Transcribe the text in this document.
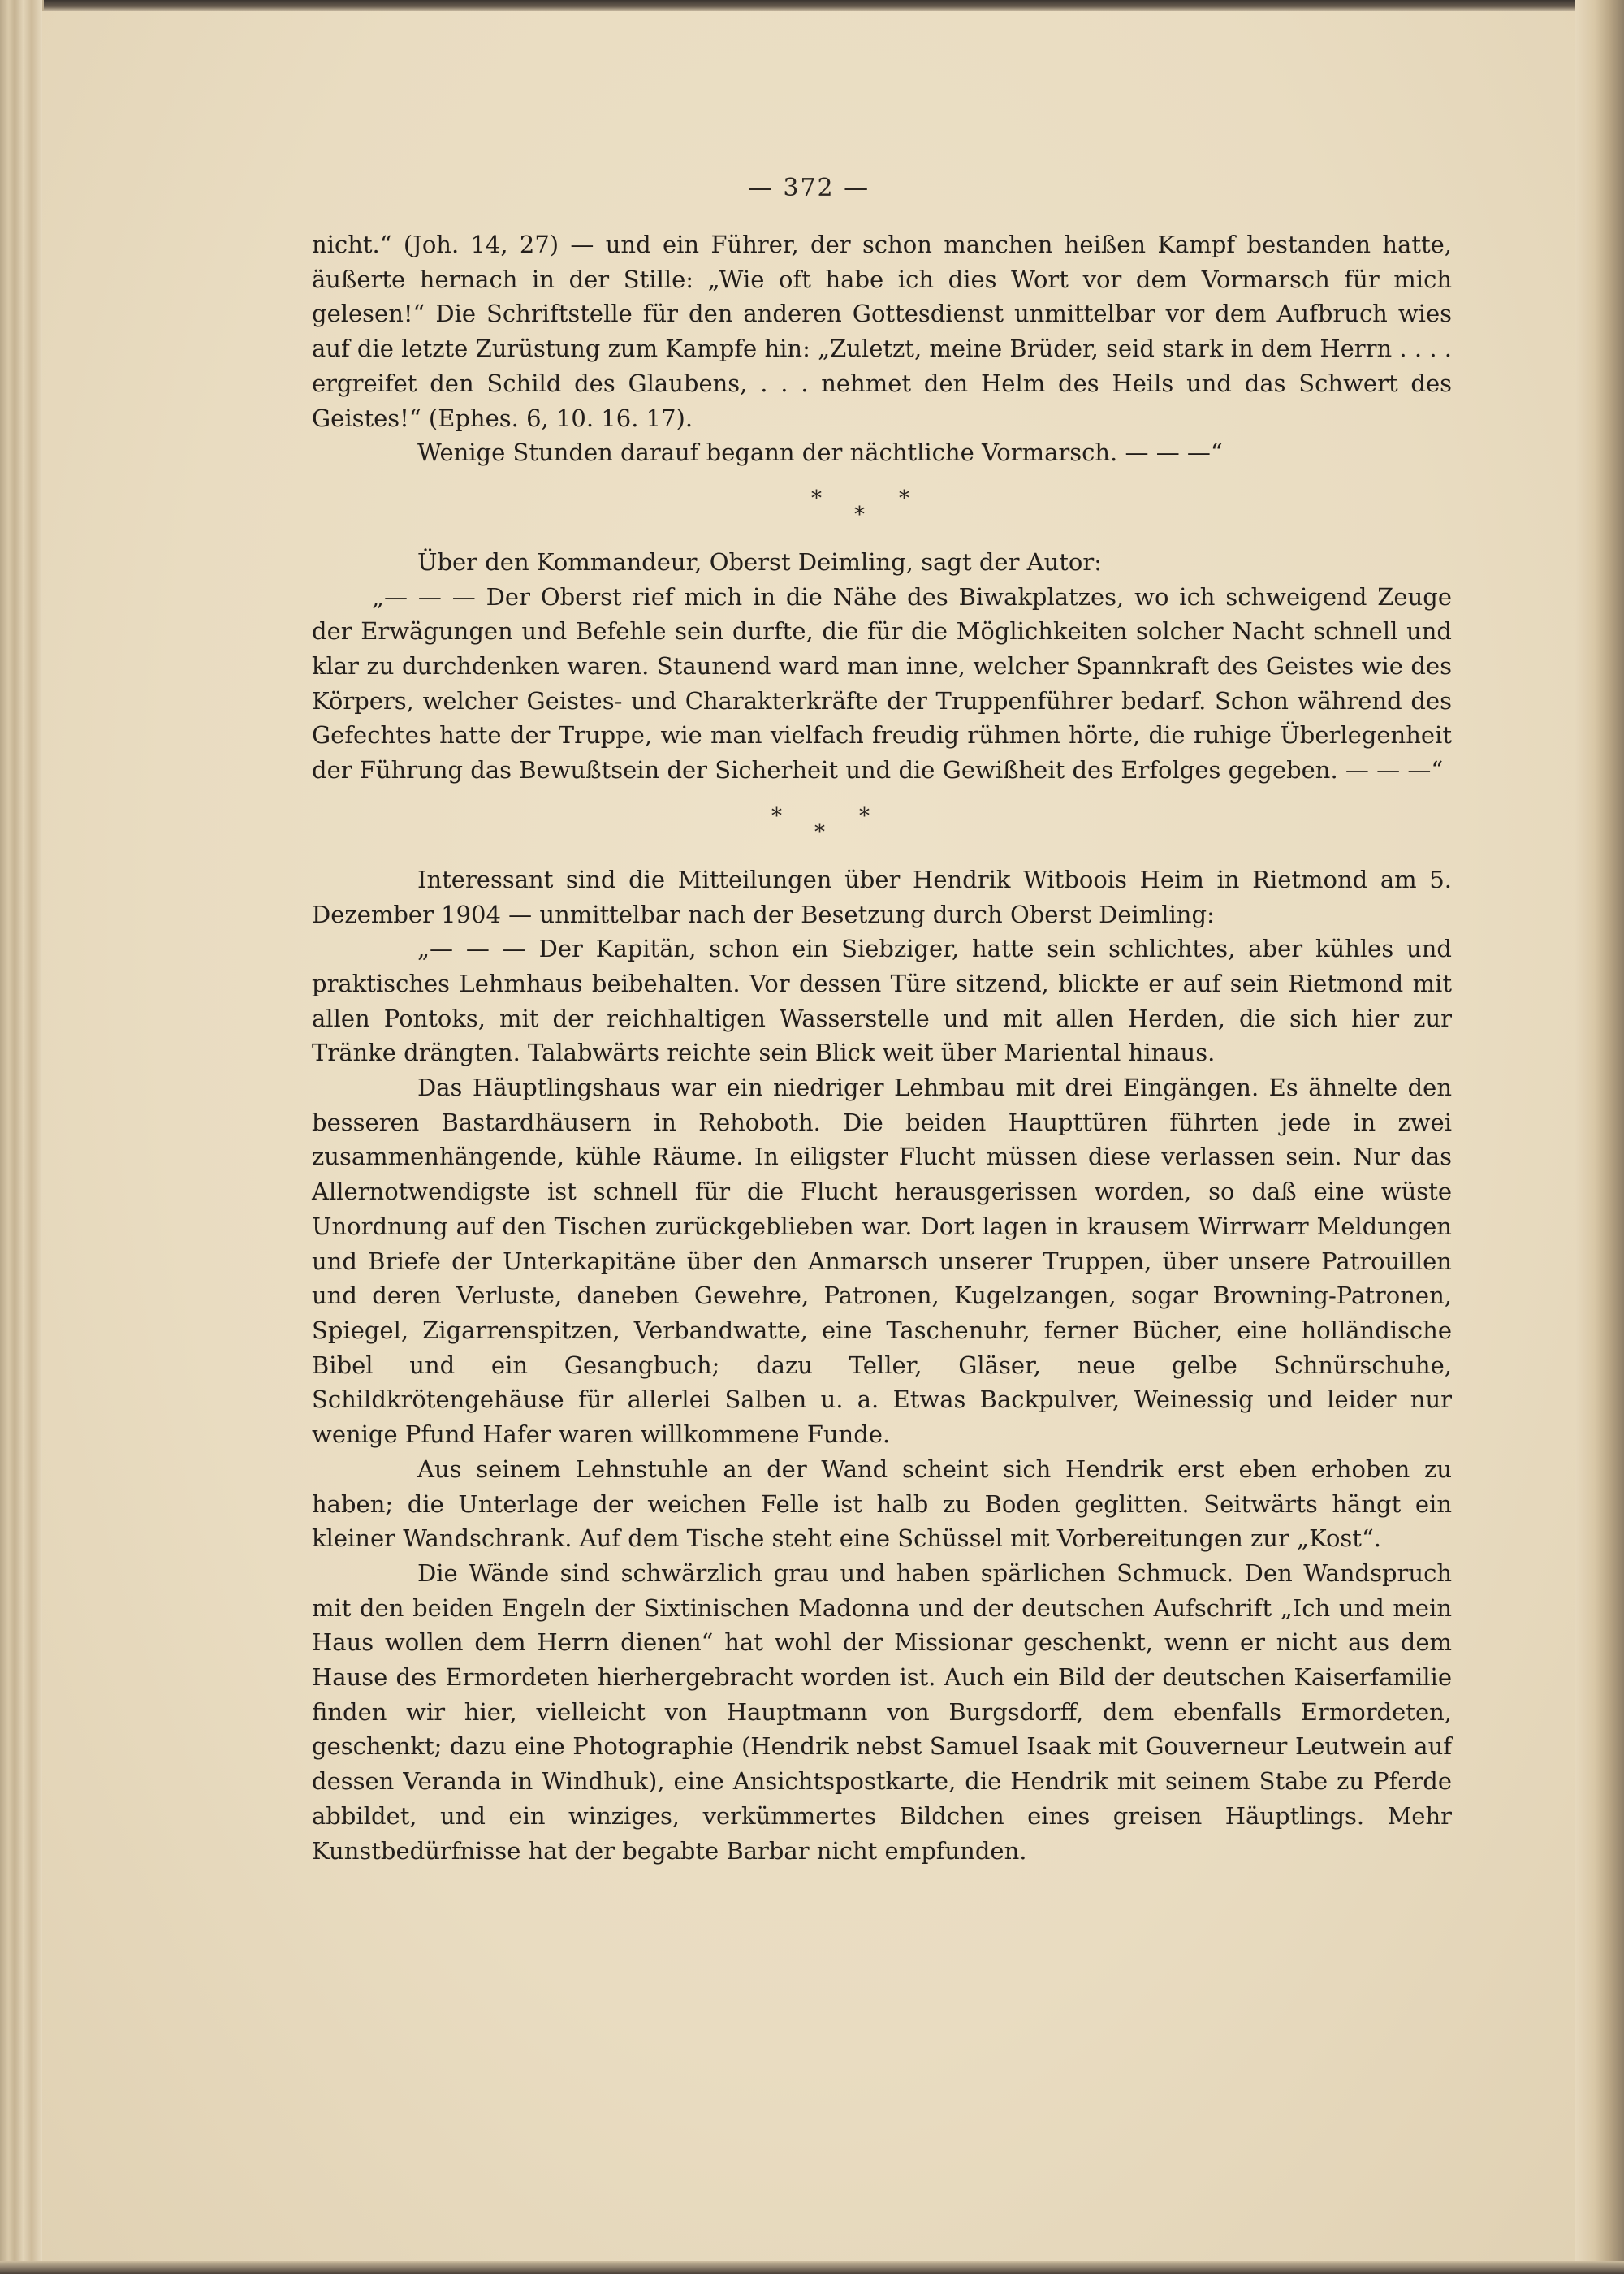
— 372 —

nicht.“ (Joh. 14, 27) — und ein Führer, der schon manchen heißen Kampf bestanden hatte, äußerte hernach in der Stille: „Wie oft habe ich dies Wort vor dem Vormarsch für mich gelesen!“ Die Schriftstelle für den anderen Gottesdienst unmittelbar vor dem Aufbruch wies auf die letzte Zurüstung zum Kampfe hin: „Zuletzt, meine Brüder, seid stark in dem Herrn . . . . ergreifet den Schild des Glaubens, . . . nehmet den Helm des Heils und das Schwert des Geistes!“ (Ephes. 6, 10. 16. 17).

Wenige Stunden darauf begann der nächtliche Vormarsch. — — —“

*
*
*

Über den Kommandeur, Oberst Deimling, sagt der Autor:

„— — — Der Oberst rief mich in die Nähe des Biwakplatzes, wo ich schweigend Zeuge der Erwägungen und Befehle sein durfte, die für die Möglichkeiten solcher Nacht schnell und klar zu durchdenken waren. Staunend ward man inne, welcher Spannkraft des Geistes wie des Körpers, welcher Geistes- und Charakterkräfte der Truppenführer bedarf. Schon während des Gefechtes hatte der Truppe, wie man vielfach freudig rühmen hörte, die ruhige Überlegenheit der Führung das Bewußtsein der Sicherheit und die Gewißheit des Erfolges gegeben. — — —“

*
*
*

Interessant sind die Mitteilungen über Hendrik Witboois Heim in Rietmond am 5. Dezember 1904 — unmittelbar nach der Besetzung durch Oberst Deimling:

„— — — Der Kapitän, schon ein Siebziger, hatte sein schlichtes, aber kühles und praktisches Lehmhaus beibehalten. Vor dessen Türe sitzend, blickte er auf sein Rietmond mit allen Pontoks, mit der reichhaltigen Wasserstelle und mit allen Herden, die sich hier zur Tränke drängten. Talabwärts reichte sein Blick weit über Mariental hinaus.

Das Häuptlingshaus war ein niedriger Lehmbau mit drei Eingängen. Es ähnelte den besseren Bastardhäusern in Rehoboth. Die beiden Haupttüren führten jede in zwei zusammenhängende, kühle Räume. In eiligster Flucht müssen diese verlassen sein. Nur das Allernotwendigste ist schnell für die Flucht herausgerissen worden, so daß eine wüste Unordnung auf den Tischen zurückgeblieben war. Dort lagen in krausem Wirrwarr Meldungen und Briefe der Unterkapitäne über den Anmarsch unserer Truppen, über unsere Patrouillen und deren Verluste, daneben Gewehre, Patronen, Kugelzangen, sogar Browning-Patronen, Spiegel, Zigarrenspitzen, Verbandwatte, eine Taschenuhr, ferner Bücher, eine holländische Bibel und ein Gesangbuch; dazu Teller, Gläser, neue gelbe Schnürschuhe, Schildkrötengehäuse für allerlei Salben u. a. Etwas Backpulver, Weinessig und leider nur wenige Pfund Hafer waren willkommene Funde.

Aus seinem Lehnstuhle an der Wand scheint sich Hendrik erst eben erhoben zu haben; die Unterlage der weichen Felle ist halb zu Boden geglitten. Seitwärts hängt ein kleiner Wandschrank. Auf dem Tische steht eine Schüssel mit Vorbereitungen zur „Kost“.

Die Wände sind schwärzlich grau und haben spärlichen Schmuck. Den Wandspruch mit den beiden Engeln der Sixtinischen Madonna und der deutschen Aufschrift „Ich und mein Haus wollen dem Herrn dienen“ hat wohl der Missionar geschenkt, wenn er nicht aus dem Hause des Ermordeten hierhergebracht worden ist. Auch ein Bild der deutschen Kaiserfamilie finden wir hier, vielleicht von Hauptmann von Burgsdorff, dem ebenfalls Ermordeten, geschenkt; dazu eine Photographie (Hendrik nebst Samuel Isaak mit Gouverneur Leutwein auf dessen Veranda in Windhuk), eine Ansichtspostkarte, die Hendrik mit seinem Stabe zu Pferde abbildet, und ein winziges, verkümmertes Bildchen eines greisen Häuptlings. Mehr Kunstbedürfnisse hat der begabte Barbar nicht empfunden.
